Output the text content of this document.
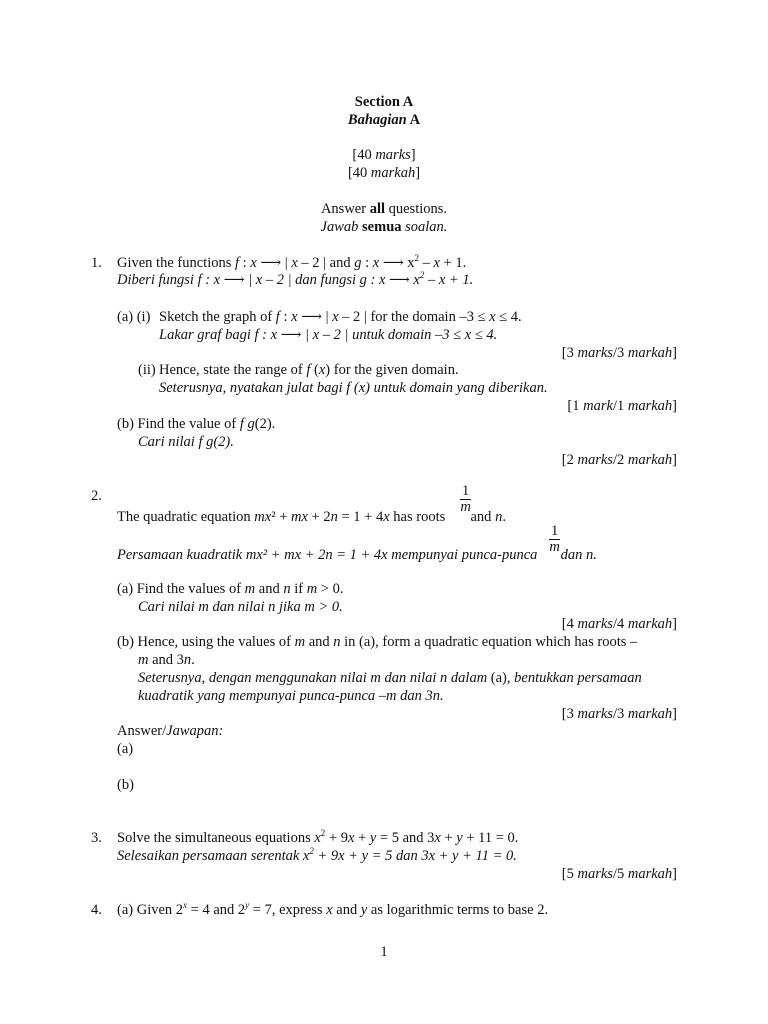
Section A
Bahagian A
[40 marks]
[40 markah]
Answer all questions.
Jawab semua soalan.
1. Given the functions f : x ⟶ | x – 2 | and g : x ⟶ $x^2 - x + 1$.
Diberi fungsi f : x ⟶ | x – 2 | dan fungsi g : x ⟶ $x^2 - x + 1$.
(a) (i) Sketch the graph of f : x ⟶ | x – 2 | for the domain –3 ≤ x ≤ 4.
Lakar graf bagi f : x ⟶ | x – 2 | untuk domain –3 ≤ x ≤ 4.
[3 marks/3 markah]
(ii) Hence, state the range of f (x) for the given domain.
Seterusnya, nyatakan julat bagi f (x) untuk domain yang diberikan.
[1 mark/1 markah]
(b) Find the value of f g(2).
Cari nilai f g(2).
[2 marks/2 markah]
2.	$\frac{1}{m}$
The quadratic equation mx² + mx + 2n = 1 + 4x has roots  and n.
$\frac{1}{m}$
Persamaan kuadratik mx² + mx + 2n = 1 + 4x mempunyai punca-punca  dan n.
(a) Find the values of m and n if m > 0.
Cari nilai m dan nilai n jika m > 0.
[4 marks/4 markah]
(b) Hence, using the values of m and n in (a), form a quadratic equation which has roots –
m and 3n.
Seterusnya, dengan menggunakan nilai m dan nilai n dalam (a), bentukkan persamaan
kuadratik yang mempunyai punca-punca –m dan 3n.
[3 marks/3 markah]
Answer/Jawapan:
(a)
(b)
3. Solve the simultaneous equations $x^2 + 9x + y = 5$ and 3x + y + 11 = 0.
Selesaikan persamaan serentak $x^2 + 9x + y = 5$ dan 3x + y + 11 = 0.
[5 marks/5 markah]
4. (a) Given $2^x = 4$ and $2^y = 7$, express x and y as logarithmic terms to base 2.
1
